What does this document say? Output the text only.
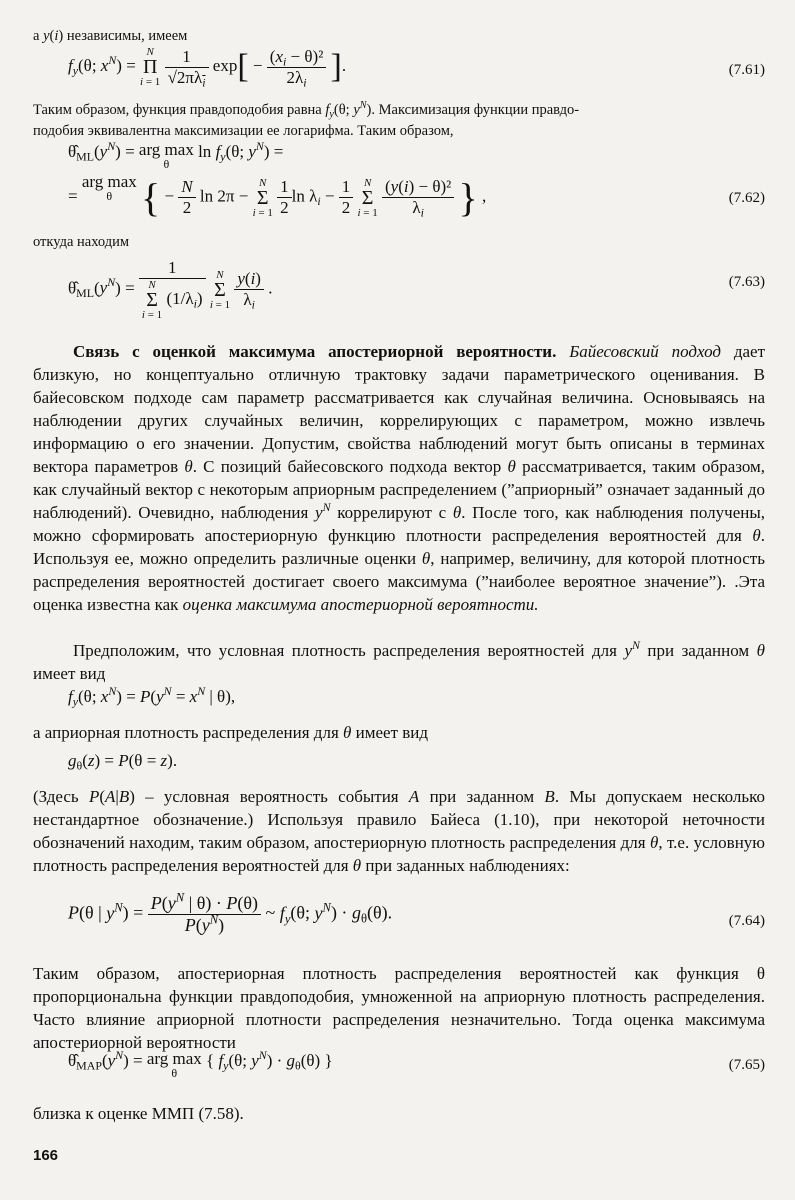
а y(i) независимы, имеем
$f_y(\theta$; $x^N) = N$
Π
$i = 1 \frac{1}{√2\pi\lambda_i} \exp[ - \frac{(x_i - \theta)^2}{2\lambda_i}$ ].	(7.61)
Таким образом, функция правдоподобия равна $f_y(\theta$; $y^N$). Максимизация функции правдо-
подобия эквивалентна максимизации ее логарифма. Таким образом,
$\thetâ_{ML}(y^N)$ = arg max
θ
$\ln f_y(\theta$; $y^N$) =
= arg max
θ { − $\frac{N}{2}$ ln 2π − N
Σ
$i = 1 \frac{1}{2}$ $\ln \lambda_i - \frac{1}{2}$ N
Σ
$i = 1 \frac{\text{(y(i) − θ)²}}{\lambda_i}$ } ,	(7.62)
откуда находим
$\thetâ_{ML}(y^N) = 1$
N
Σ
i = 1 $(1/\lambda_i)$ N
Σ
$i = 1 \frac{y(i)}{\lambda_i}$ .	(7.63)
Связь с оценкой максимума апостериорной вероятности. Байесовский подход дает близкую, но концептуально отличную трактовку задачи параметрического оценивания. В байесовском подходе сам параметр рассматривается как случайная величина. Основываясь на наблюдении других случайных величин, коррелирующих с параметром, можно извлечь информацию о его значении. Допустим, свойства наблюдений могут быть описаны в терминах вектора параметров θ. С позиций байесовского подхода вектор θ рассматривается, таким образом, как случайный вектор с некоторым априорным распределением (”априорный” означает заданный до наблюдений). Очевидно, наблюдения $y^N$ коррелируют с θ. После того, как наблюдения получены, можно сформировать апостериорную функцию плотности распределения вероятностей для θ. Используя ее, можно определить различные оценки θ, например, величину, для которой плотность распределения вероятностей достигает своего максимума (”наиболее вероятное значение”). .Эта оценка известна как оценка максимума апостериорной вероятности.
Предположим, что условная плотность распределения вероятностей для $y^N$ при заданном θ имеет вид
$f_y(\theta$; $x^N) = P(y^N = x^N$ | θ),
а априорная плотность распределения для θ имеет вид
$g_\theta(z) = P(\theta = z)$.
(Здесь P(A|B) – условная вероятность события A при заданном B. Мы допускаем несколько нестандартное обозначение.) Используя правило Байеса (1.10), при некоторой неточности обозначений находим, таким образом, апостериорную плотность распределения для θ, т.е. условную плотность распределения вероятностей для θ при заданных наблюдениях:
P(θ | $y^N) = \frac{P(y^N | \theta) \cdot P(\theta)}{P(y^N)}$ ~ $f_y(\theta$; $y^N) \cdot g_\theta(\theta)$.	(7.64)
Таким образом, апостериорная плотность распределения вероятностей как функция θ пропорциональна функции правдоподобия, умноженной на априорную плотность распределения. Часто влияние априорной плотности распределения незначительно. Тогда оценка максимума апостериорной вероятности
$\thetâ_{MAP}(y^N)$ = arg max
θ
{ $f_y(\theta$; $y^N) \cdot g_\theta(\theta)$ }	(7.65)
близка к оценке ММП (7.58).
166
